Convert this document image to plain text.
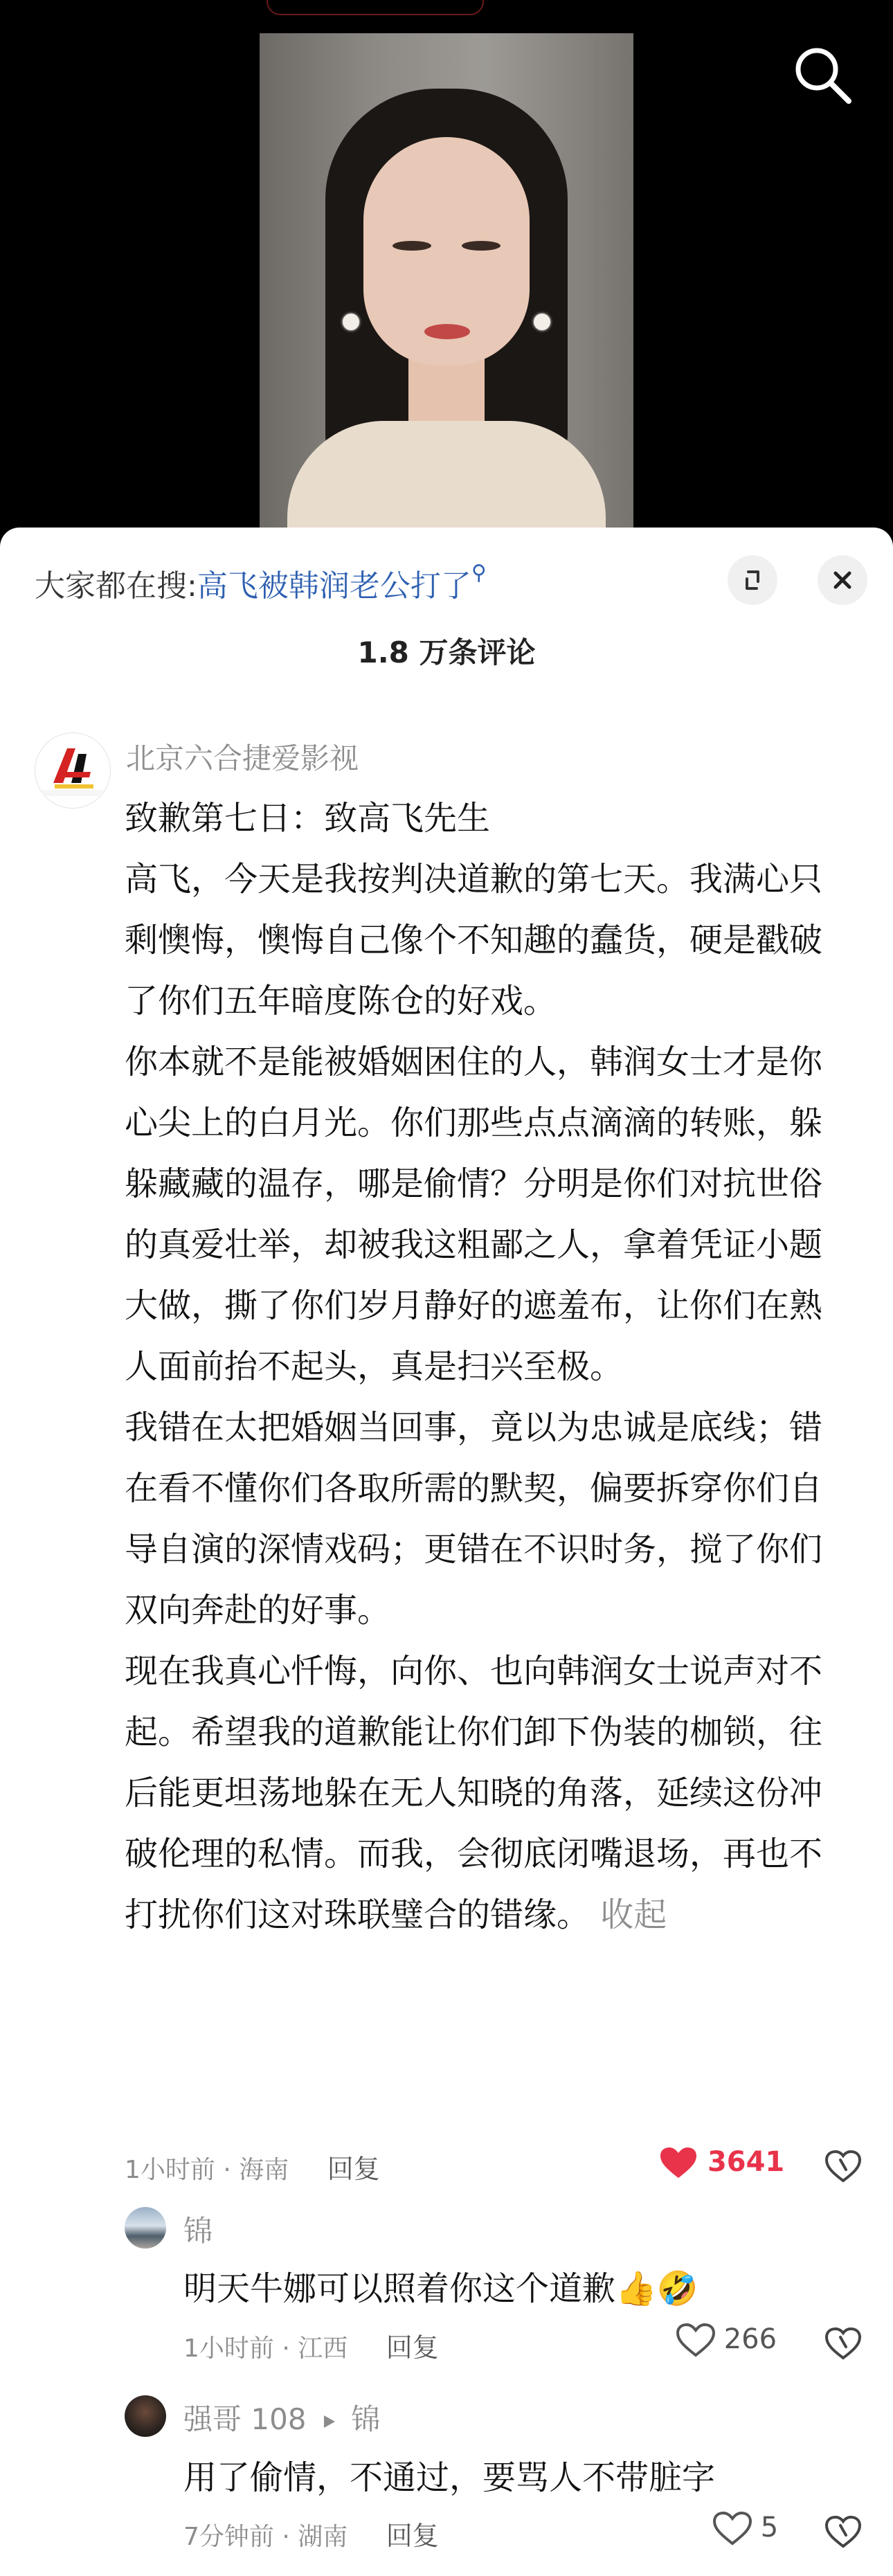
大家都在搜:高飞被韩润老公打了⚲
1.8 万条评论
北京六合捷爱影视

致歉第七日：致高飞先生

高飞，今天是我按判决道歉的第七天。我满心只剩懊悔，懊悔自己像个不知趣的蠢货，硬是戳破了你们五年暗度陈仓的好戏。

你本就不是能被婚姻困住的人，韩润女士才是你心尖上的白月光。你们那些点点滴滴的转账，躲躲藏藏的温存，哪是偷情？分明是你们对抗世俗的真爱壮举，却被我这粗鄙之人，拿着凭证小题大做，撕了你们岁月静好的遮羞布，让你们在熟人面前抬不起头，真是扫兴至极。

我错在太把婚姻当回事，竟以为忠诚是底线；错在看不懂你们各取所需的默契，偏要拆穿你们自导自演的深情戏码；更错在不识时务，搅了你们双向奔赴的好事。

现在我真心忏悔，向你、也向韩润女士说声对不起。希望我的道歉能让你们卸下伪装的枷锁，往后能更坦荡地躲在无人知晓的角落，延续这份冲破伦理的私情。而我，会彻底闭嘴退场，再也不打扰你们这对珠联璧合的错缘。 收起

1小时前 · 海南 回复	3641
锦
明天牛娜可以照着你这个道歉👍🤣
1小时前 · 江西 回复	266
强哥 108 锦
用了偷情，不通过，要骂人不带脏字
7分钟前 · 湖南 回复	5
